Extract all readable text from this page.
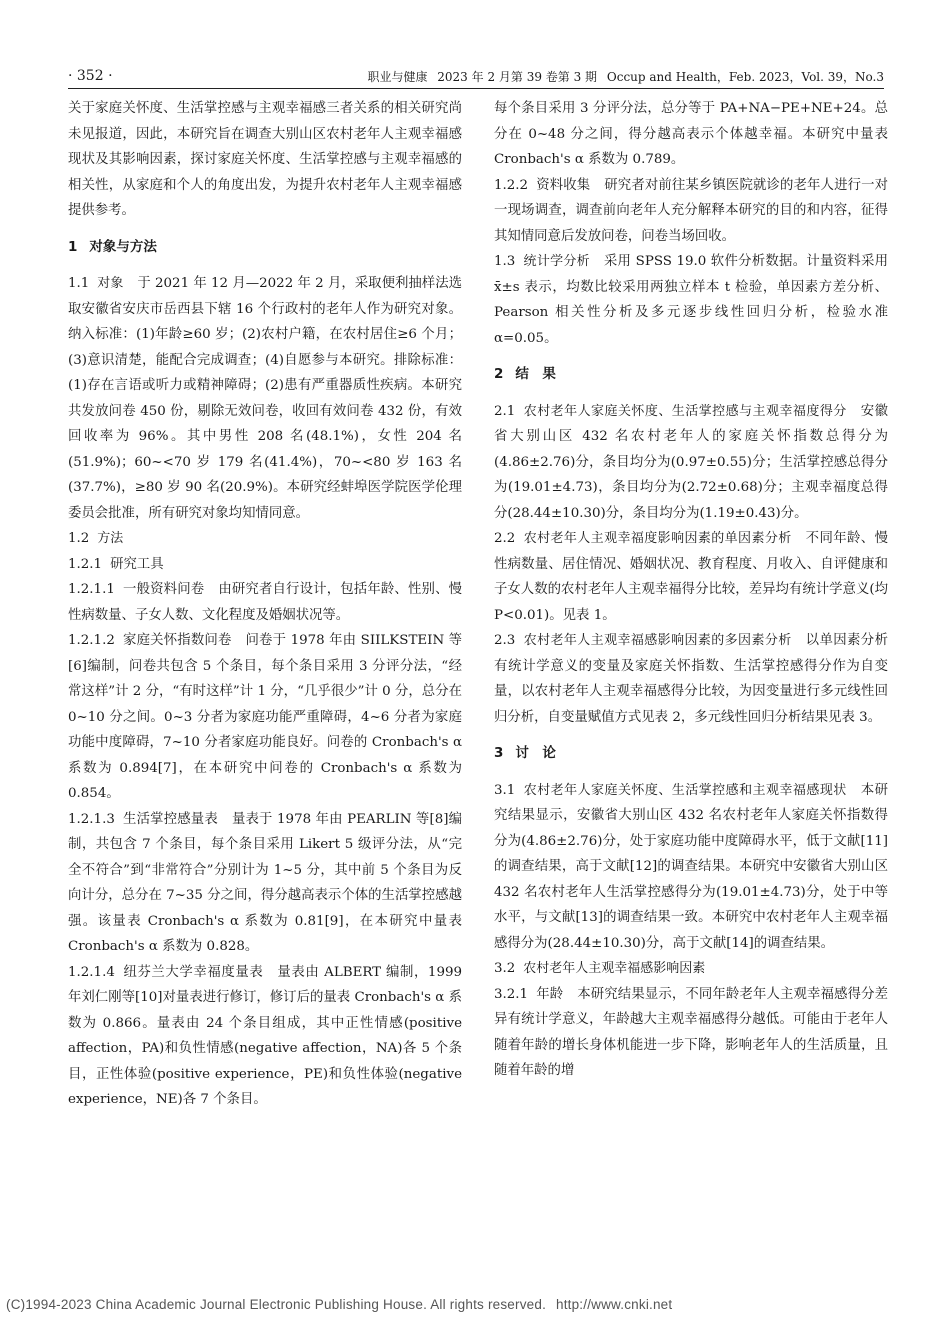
· 352 ·	职业与健康 2023 年 2 月第 39 卷第 3 期 Occup and Health，Feb. 2023，Vol. 39，No.3

关于家庭关怀度、生活掌控感与主观幸福感三者关系的相关研究尚未见报道，因此，本研究旨在调查大别山区农村老年人主观幸福感现状及其影响因素，探讨家庭关怀度、生活掌控感与主观幸福感的相关性，从家庭和个人的角度出发，为提升农村老年人主观幸福感提供参考。

1 对象与方法

1.1 对象 于 2021 年 12 月—2022 年 2 月，采取便利抽样法选取安徽省安庆市岳西县下辖 16 个行政村的老年人作为研究对象。纳入标准：(1)年龄≥60 岁；(2)农村户籍，在农村居住≥6 个月；(3)意识清楚，能配合完成调查；(4)自愿参与本研究。排除标准：(1)存在言语或听力或精神障碍；(2)患有严重器质性疾病。本研究共发放问卷 450 份，剔除无效问卷，收回有效问卷 432 份，有效回收率为 96%。其中男性 208 名(48.1%)，女性 204 名(51.9%)；60~<70 岁 179 名(41.4%)，70~<80 岁 163 名(37.7%)，≥80 岁 90 名(20.9%)。本研究经蚌埠医学院医学伦理委员会批准，所有研究对象均知情同意。

1.2 方法

1.2.1 研究工具

1.2.1.1 一般资料问卷 由研究者自行设计，包括年龄、性别、慢性病数量、子女人数、文化程度及婚姻状况等。

1.2.1.2 家庭关怀指数问卷 问卷于 1978 年由 SIILKSTEIN 等[6]编制，问卷共包含 5 个条目，每个条目采用 3 分评分法，“经常这样”计 2 分，“有时这样”计 1 分，“几乎很少”计 0 分，总分在 0~10 分之间。0~3 分者为家庭功能严重障碍，4~6 分者为家庭功能中度障碍，7~10 分者家庭功能良好。问卷的 Cronbach's α 系数为 0.894[7]，在本研究中问卷的 Cronbach's α 系数为 0.854。

1.2.1.3 生活掌控感量表 量表于 1978 年由 PEARLIN 等[8]编制，共包含 7 个条目，每个条目采用 Likert 5 级评分法，从“完全不符合”到“非常符合”分别计为 1~5 分，其中前 5 个条目为反向计分，总分在 7~35 分之间，得分越高表示个体的生活掌控感越强。该量表 Cronbach's α 系数为 0.81[9]，在本研究中量表 Cronbach's α 系数为 0.828。

1.2.1.4 纽芬兰大学幸福度量表 量表由 ALBERT 编制，1999 年刘仁刚等[10]对量表进行修订，修订后的量表 Cronbach's α 系数为 0.866。量表由 24 个条目组成，其中正性情感(positive affection，PA)和负性情感(negative affection，NA)各 5 个条目，正性体验(positive experience，PE)和负性体验(negative experience，NE)各 7 个条目。

每个条目采用 3 分评分法，总分等于 PA+NA−PE+NE+24。总分在 0~48 分之间，得分越高表示个体越幸福。本研究中量表 Cronbach's α 系数为 0.789。

1.2.2 资料收集 研究者对前往某乡镇医院就诊的老年人进行一对一现场调查，调查前向老年人充分解释本研究的目的和内容，征得其知情同意后发放问卷，问卷当场回收。

1.3 统计学分析 采用 SPSS 19.0 软件分析数据。计量资料采用 x̄±s 表示，均数比较采用两独立样本 t 检验，单因素方差分析、Pearson 相关性分析及多元逐步线性回归分析，检验水准 α=0.05。

2 结　果

2.1 农村老年人家庭关怀度、生活掌控感与主观幸福度得分 安徽省大别山区 432 名农村老年人的家庭关怀指数总得分为(4.86±2.76)分，条目均分为(0.97±0.55)分；生活掌控感总得分为(19.01±4.73)，条目均分为(2.72±0.68)分；主观幸福度总得分(28.44±10.30)分，条目均分为(1.19±0.43)分。

2.2 农村老年人主观幸福度影响因素的单因素分析 不同年龄、慢性病数量、居住情况、婚姻状况、教育程度、月收入、自评健康和子女人数的农村老年人主观幸福得分比较，差异均有统计学意义(均 P<0.01)。见表 1。

2.3 农村老年人主观幸福感影响因素的多因素分析 以单因素分析有统计学意义的变量及家庭关怀指数、生活掌控感得分作为自变量，以农村老年人主观幸福感得分比较，为因变量进行多元线性回归分析，自变量赋值方式见表 2，多元线性回归分析结果见表 3。

3 讨　论

3.1 农村老年人家庭关怀度、生活掌控感和主观幸福感现状 本研究结果显示，安徽省大别山区 432 名农村老年人家庭关怀指数得分为(4.86±2.76)分，处于家庭功能中度障碍水平，低于文献[11]的调查结果，高于文献[12]的调查结果。本研究中安徽省大别山区 432 名农村老年人生活掌控感得分为(19.01±4.73)分，处于中等水平，与文献[13]的调查结果一致。本研究中农村老年人主观幸福感得分为(28.44±10.30)分，高于文献[14]的调查结果。

3.2 农村老年人主观幸福感影响因素

3.2.1 年龄 本研究结果显示，不同年龄老年人主观幸福感得分差异有统计学意义，年龄越大主观幸福感得分越低。可能由于老年人随着年龄的增长身体机能进一步下降，影响老年人的生活质量，且随着年龄的增

(C)1994-2023 China Academic Journal Electronic Publishing House. All rights reserved. http://www.cnki.net
